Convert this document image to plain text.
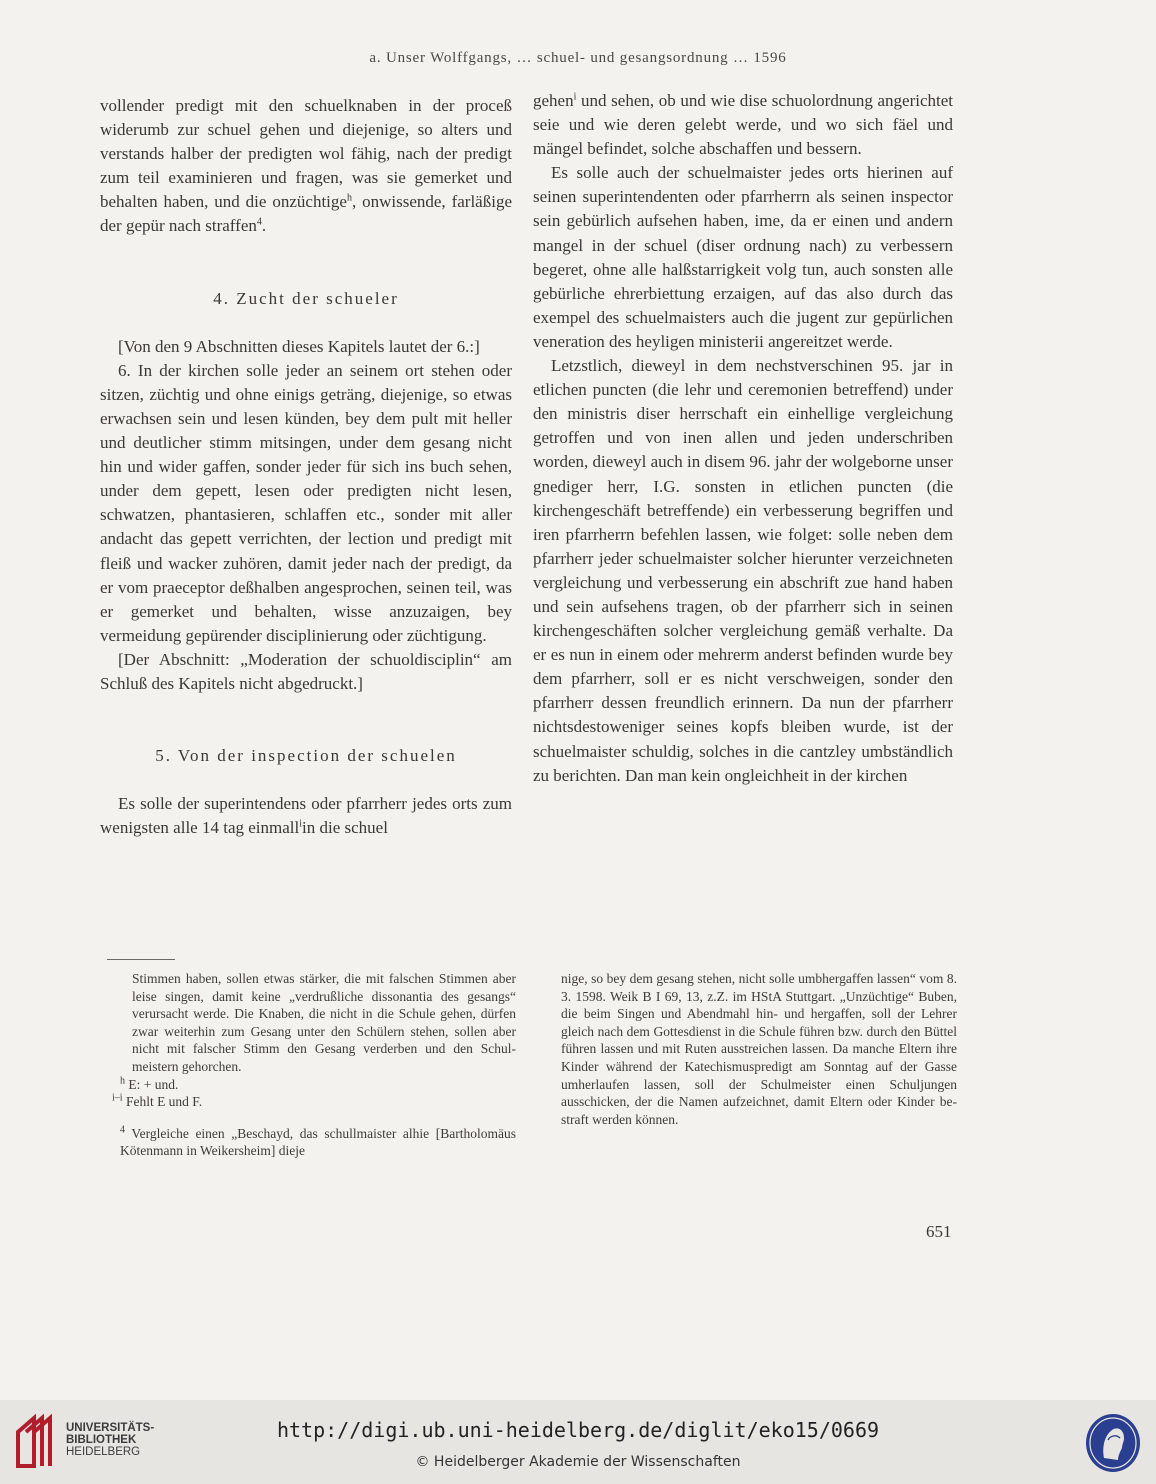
a. Unser Wolffgangs, … schuel- und gesangsordnung … 1596

vollender predigt mit den schuelknaben in der proceß widerumb zur schuel gehen und diejenige, so alters und verstands halber der predigten wol fähig, nach der predigt zum teil examinieren und fragen, was sie gemerket und behalten haben, und die onzüchtige$^h$, onwissende, farläßige der gepür nach straffen$^4$.

4. Zucht der schueler

[Von den 9 Abschnitten dieses Kapitels lautet der 6.:]

6. In der kirchen solle jeder an seinem ort stehen oder sitzen, züchtig und ohne einigs geträng, diejenige, so etwas erwachsen sein und lesen künden, bey dem pult mit heller und deutlicher stimm mitsingen, under dem gesang nicht hin und wider gaffen, sonder jeder für sich ins buch sehen, under dem gepett, lesen oder predigten nicht lesen, schwatzen, phantasieren, schlaffen etc., sonder mit aller andacht das gepett verrichten, der lection und predigt mit fleiß und wacker zuhören, damit jeder nach der predigt, da er vom praeceptor deßhalben angesprochen, seinen teil, was er gemerket und behalten, wisse anzuzaigen, bey vermeidung gepürender disciplinierung oder züchtigung.

[Der Abschnitt: „Moderation der schuoldisciplin“ am Schluß des Kapitels nicht abgedruckt.]

5. Von der inspection der schuelen

Es solle der superintendens oder pfarrherr jedes orts zum wenigsten alle 14 tag einmall$^i$in die schuel

gehen$^i$ und sehen, ob und wie dise schuolordnung angerichtet seie und wie deren gelebt werde, und wo sich fäel und mängel befindet, solche abschaffen und bessern.

Es solle auch der schuelmaister jedes orts hierinen auf seinen superintendenten oder pfarrherrn als seinen inspector sein gebürlich aufsehen haben, ime, da er einen und andern mangel in der schuel (diser ordnung nach) zu verbessern begeret, ohne alle halßstarrigkeit volg tun, auch sonsten alle gebürliche ehrerbiettung erzaigen, auf das also durch das exempel des schuelmaisters auch die jugent zur gepürlichen veneration des heyligen ministerii angereitzet werde.

Letzstlich, dieweyl in dem nechstverschinen 95. jar in etlichen puncten (die lehr und ceremonien betreffend) under den ministris diser herrschaft ein einhellige vergleichung getroffen und von inen allen und jeden underschriben worden, dieweyl auch in disem 96. jahr der wolgeborne unser gnediger herr, I.G. sonsten in etlichen puncten (die kirchengeschäft betreffende) ein verbesserung begriffen und iren pfarrherrn befehlen lassen, wie folget: solle neben dem pfarrherr jeder schuelmaister solcher hierunter verzeichneten vergleichung und verbesserung ein abschrift zue hand haben und sein aufsehens tragen, ob der pfarrherr sich in seinen kirchengeschäften solcher vergleichung gemäß verhalte. Da er es nun in einem oder mehrerm anderst befinden wurde bey dem pfarrherr, soll er es nicht verschweigen, sonder den pfarrherr dessen freundlich erinnern. Da nun der pfarrherr nichtsdestoweniger seines kopfs bleiben wurde, ist der schuelmaister schuldig, solches in die cantzley umbständlich zu berichten. Dan man kein ongleichheit in der kirchen

Stimmen haben, sollen etwas stärker, die mit falschen Stimmen aber leise singen, damit keine „verdrußliche dissonantia des gesangs“ verursacht werde. Die Knaben, die nicht in die Schule gehen, dürfen zwar weiterhin zum Gesang unter den Schülern stehen, sollen aber nicht mit falscher Stimm den Gesang verderben und den Schulmeistern gehorchen.

$^h$ E: + und.

$^{i-i}$ Fehlt E und F.

$^4$ Vergleiche einen „Beschayd, das schullmaister alhie [Bartholomäus Kötenmann in Weikersheim] dieje

nige, so bey dem gesang stehen, nicht solle umbhergaffen lassen“ vom 8. 3. 1598. Weik B I 69, 13, z.Z. im HStA Stuttgart. „Unzüchtige“ Buben, die beim Singen und Abendmahl hin- und hergaffen, soll der Lehrer gleich nach dem Gottesdienst in die Schule führen bzw. durch den Büttel führen lassen und mit Ruten ausstreichen lassen. Da manche Eltern ihre Kinder während der Katechismuspredigt am Sonntag auf der Gasse umherlaufen lassen, soll der Schulmeister einen Schuljungen ausschicken, der die Namen aufzeichnet, damit Eltern oder Kinder bestraft werden können.

651
UNIVERSITÄTS-
BIBLIOTHEK
HEIDELBERG
http://digi.ub.uni-heidelberg.de/diglit/eko15/0669
© Heidelberger Akademie der Wissenschaften
